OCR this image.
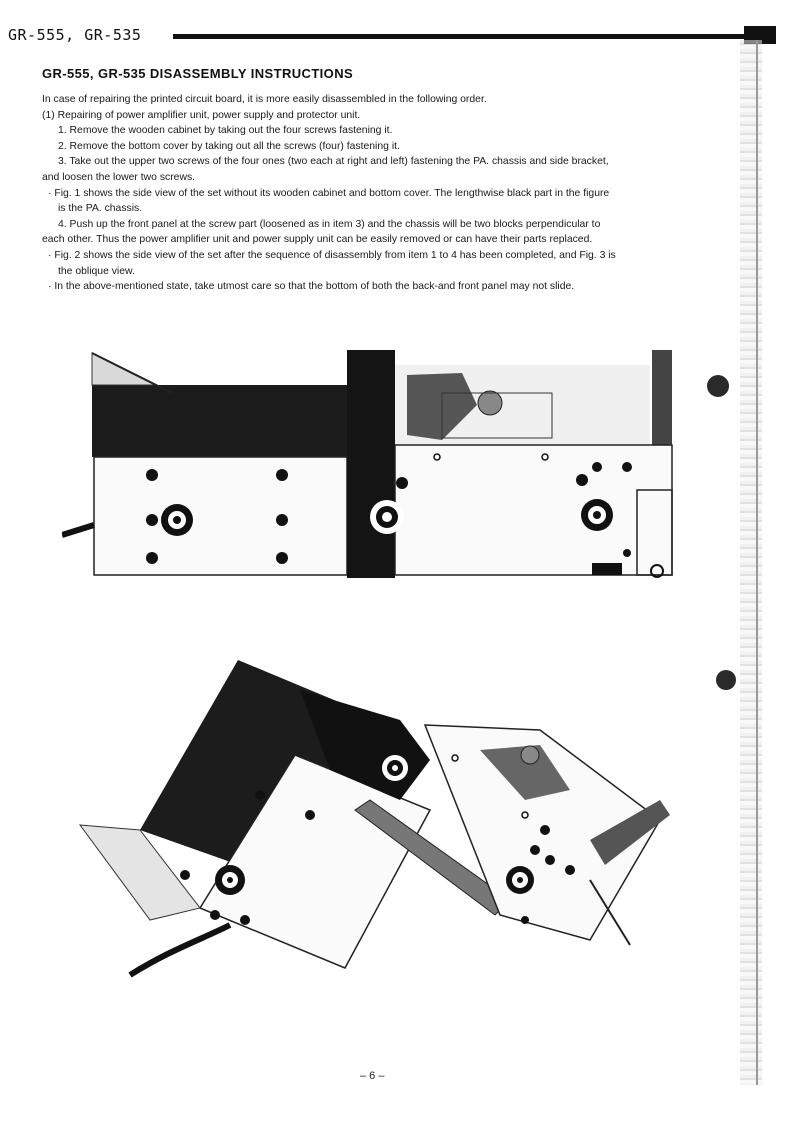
GR-555, GR-535
GR-555, GR-535 DISASSEMBLY INSTRUCTIONS

In case of repairing the printed circuit board, it is more easily disassembled in the following order.

(1) Repairing of power amplifier unit, power supply and protector unit.

1. Remove the wooden cabinet by taking out the four screws fastening it.

2. Remove the bottom cover by taking out all the screws (four) fastening it.

3. Take out the upper two screws of the four ones (two each at right and left) fastening the PA. chassis and side bracket,

and loosen the lower two screws.

· Fig. 1 shows the side view of the set without its wooden cabinet and bottom cover. The lengthwise black part in the figure

is the PA. chassis.

4. Push up the front panel at the screw part (loosened as in item 3) and the chassis will be two blocks perpendicular to

each other. Thus the power amplifier unit and power supply unit can be easily removed or can have their parts replaced.

· Fig. 2 shows the side view of the set after the sequence of disassembly from item 1 to 4 has been completed, and Fig. 3 is

the oblique view.

· In the above-mentioned state, take utmost care so that the bottom of both the back-and front panel may not slide.

– 6 –
